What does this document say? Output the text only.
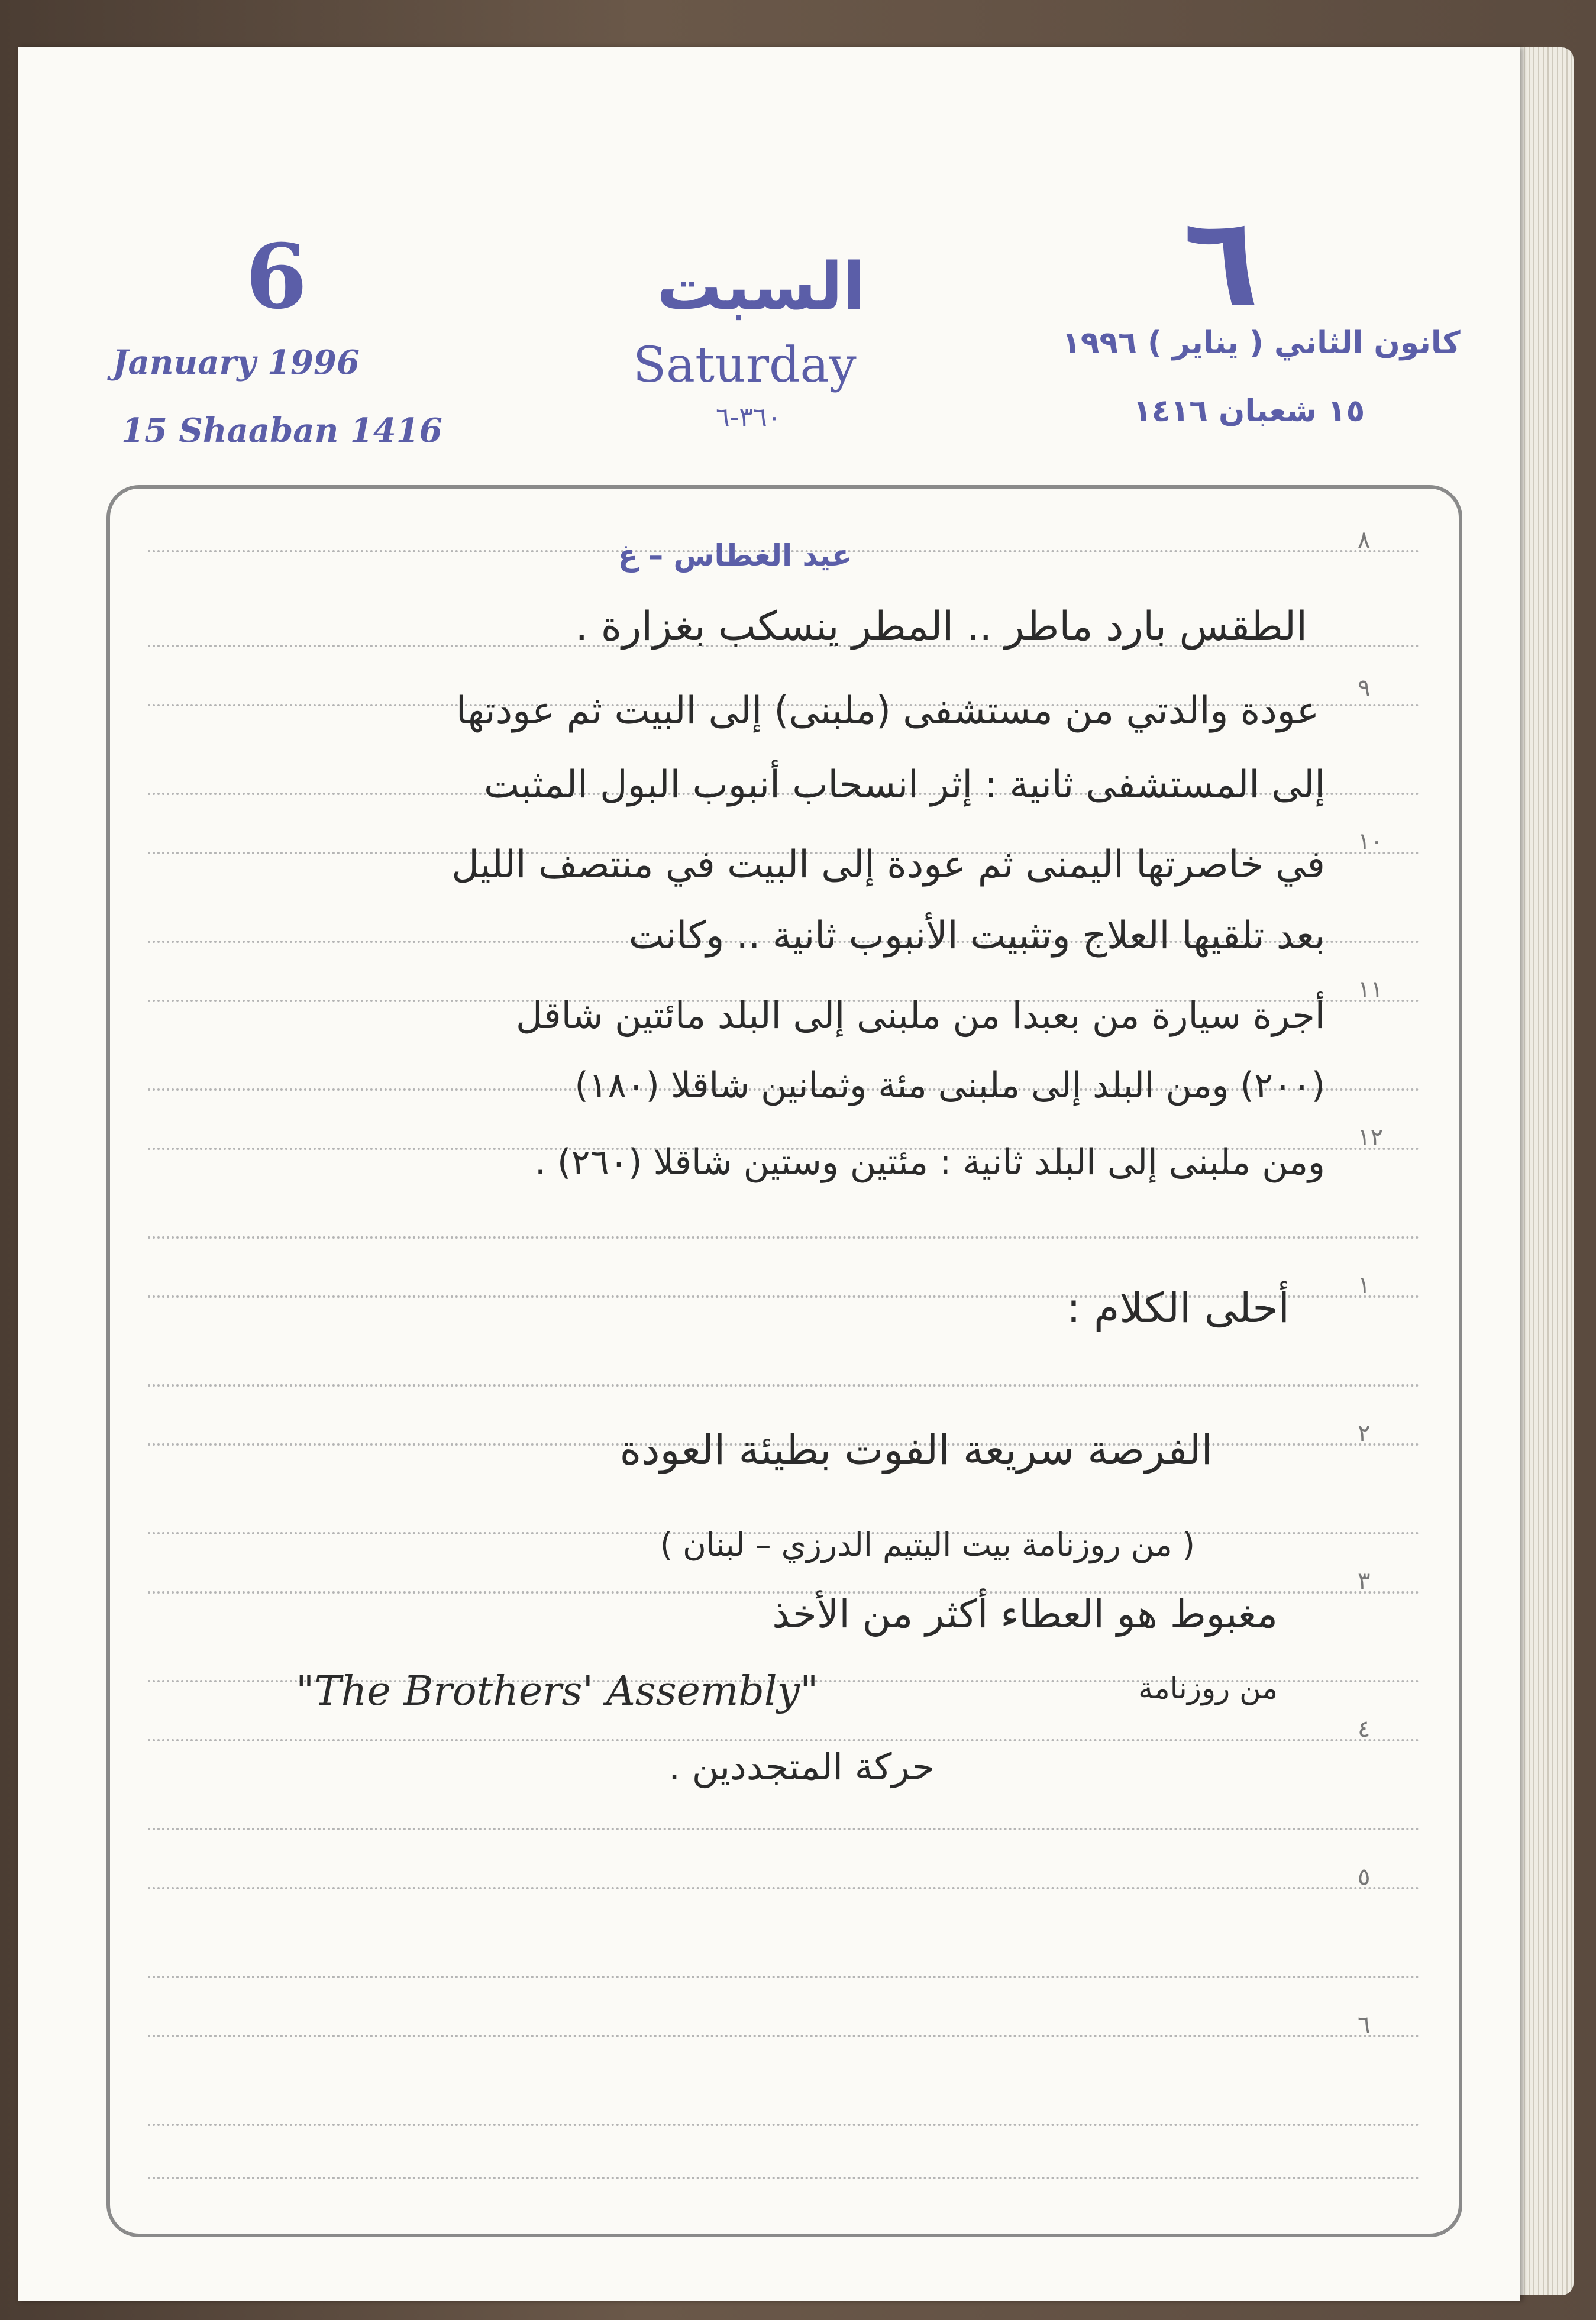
6	٦
السبت
Saturday
٣٦٠-٦
January 1996
15 Shaaban 1416
كانون الثاني ( يناير ) ١٩٩٦
١٥ شعبان ١٤١٦
٨
٩
١٠
١١
١٢
١
٢
٣
٤
٥
٦
عيد الغطاس – غ
الطقس بارد ماطر .. المطر ينسكب بغزارة .
عودة والدتي من مستشفى (ملبنى) إلى البيت ثم عودتها
إلى المستشفى ثانية : إثر انسحاب أنبوب البول المثبت
في خاصرتها اليمنى ثم عودة إلى البيت في منتصف الليل
بعد تلقيها العلاج وتثبيت الأنبوب ثانية .. وكانت
أجرة سيارة من بعبدا من ملبنى إلى البلد مائتين شاقل
(٢٠٠) ومن البلد إلى ملبنى مئة وثمانين شاقلا (١٨٠)
ومن ملبنى إلى البلد ثانية : مئتين وستين شاقلا (٢٦٠) .
أحلى الكلام :
الفرصة سريعة الفوت بطيئة العودة
( من روزنامة بيت اليتيم الدرزي – لبنان )
مغبوط هو العطاء أكثر من الأخذ
من روزنامة
"The Brothers' Assembly"
حركة المتجددين .
